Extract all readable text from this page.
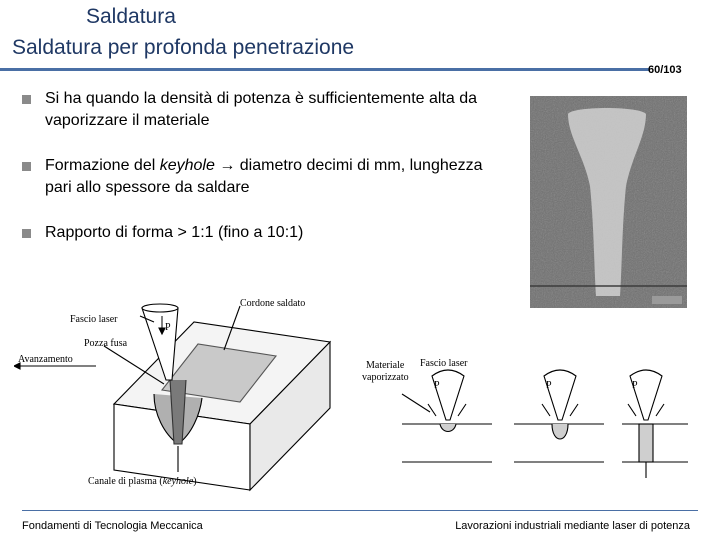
Saldatura
Saldatura per profonda penetrazione
60/103
Si ha quando la densità di potenza è sufficientemente alta da vaporizzare il materiale
Formazione del keyhole → diametro decimi di mm, lunghezza pari allo spessore da saldare
Rapporto di forma > 1:1 (fino a 10:1)
P
Fascio laser
Cordone saldato
Pozza fusa
Avanzamento
Canale di plasma (keyhole)
Materiale
vaporizzato
Fascio laser
P	P	P
Fondamenti di Tecnologia Meccanica	Lavorazioni industriali mediante laser di potenza
